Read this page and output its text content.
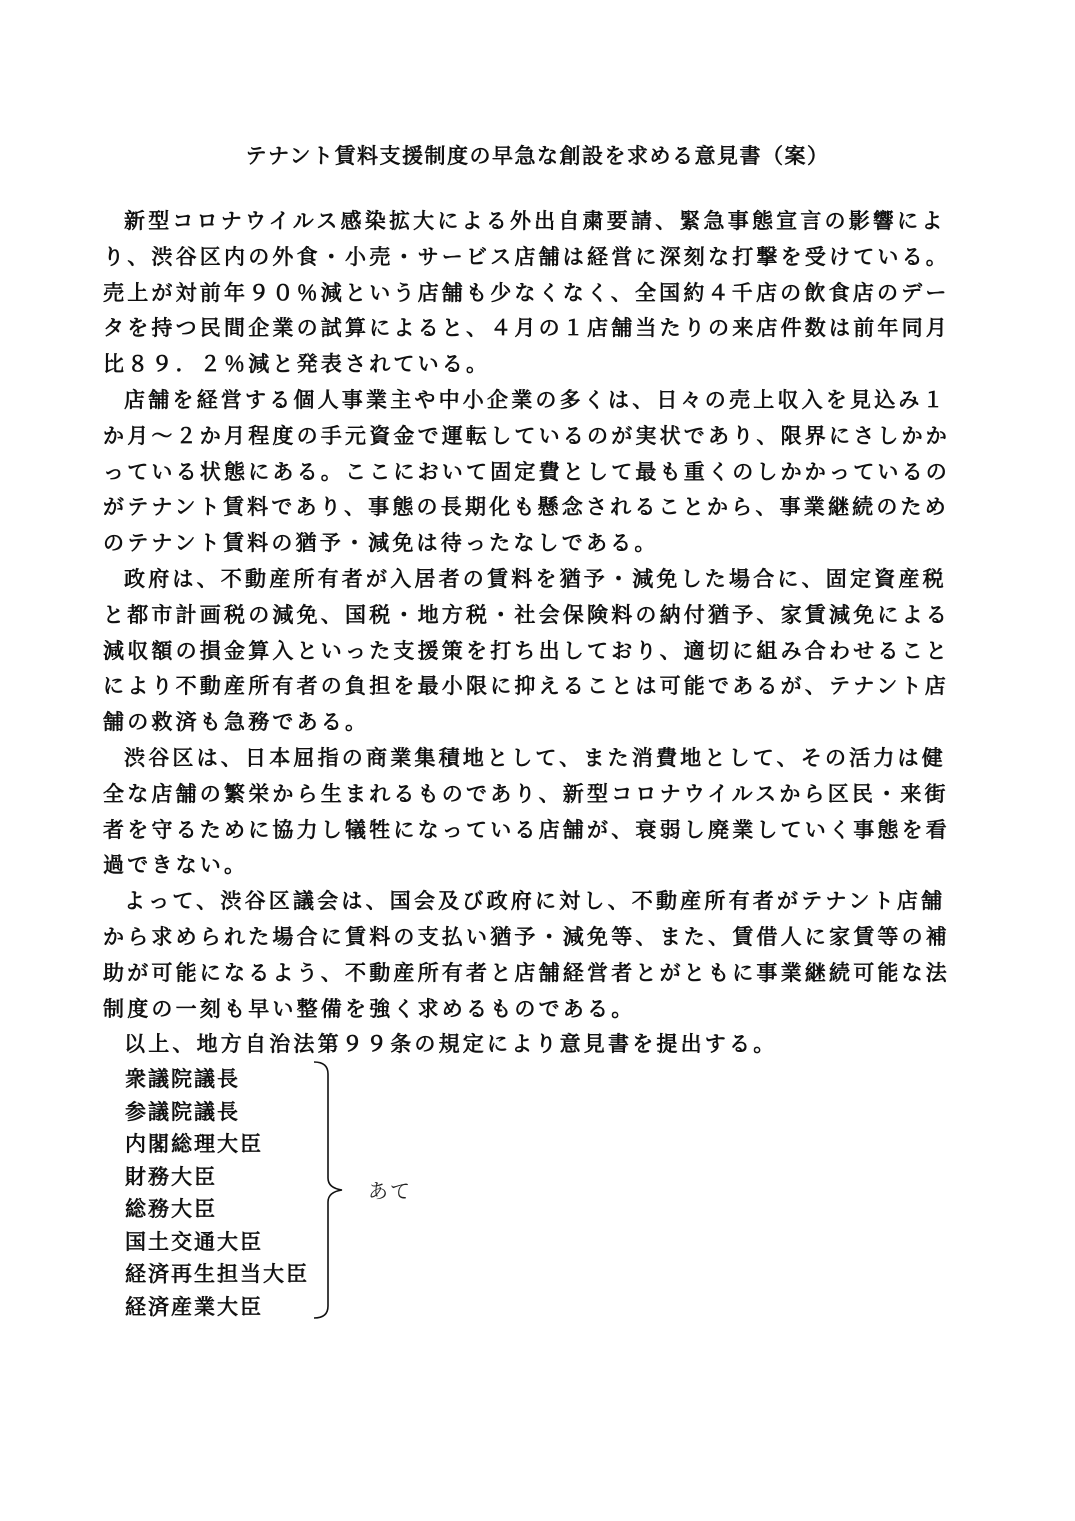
テナント賃料支援制度の早急な創設を求める意見書（案）

新型コロナウイルス感染拡大による外出自粛要請、緊急事態宣言の影響により、渋谷区内の外食・小売・サービス店舗は経営に深刻な打撃を受けている。売上が対前年９０％減という店舗も少なくなく、全国約４千店の飲食店のデータを持つ民間企業の試算によると、４月の１店舗当たりの来店件数は前年同月比８９．２％減と発表されている。

店舗を経営する個人事業主や中小企業の多くは、日々の売上収入を見込み１か月～２か月程度の手元資金で運転しているのが実状であり、限界にさしかかっている状態にある。ここにおいて固定費として最も重くのしかかっているのがテナント賃料であり、事態の長期化も懸念されることから、事業継続のためのテナント賃料の猶予・減免は待ったなしである。

政府は、不動産所有者が入居者の賃料を猶予・減免した場合に、固定資産税と都市計画税の減免、国税・地方税・社会保険料の納付猶予、家賃減免による減収額の損金算入といった支援策を打ち出しており、適切に組み合わせることにより不動産所有者の負担を最小限に抑えることは可能であるが、テナント店舗の救済も急務である。

渋谷区は、日本屈指の商業集積地として、また消費地として、その活力は健全な店舗の繁栄から生まれるものであり、新型コロナウイルスから区民・来街者を守るために協力し犠牲になっている店舗が、衰弱し廃業していく事態を看過できない。

よって、渋谷区議会は、国会及び政府に対し、不動産所有者がテナント店舗から求められた場合に賃料の支払い猶予・減免等、また、賃借人に家賃等の補助が可能になるよう、不動産所有者と店舗経営者とがともに事業継続可能な法制度の一刻も早い整備を強く求めるものである。

以上、地方自治法第９９条の規定により意見書を提出する。

衆議院議長
参議院議長
内閣総理大臣
財務大臣
総務大臣
国土交通大臣
経済再生担当大臣
経済産業大臣
あて
